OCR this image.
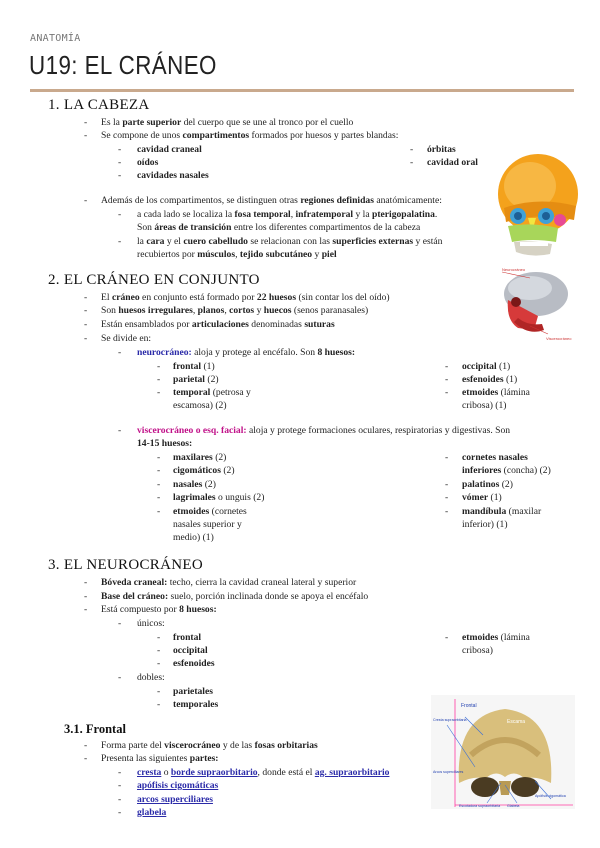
ANATOMÍA
U19: EL CRÁNEO
1. LA CABEZA
- Es la parte superior del cuerpo que se une al tronco por el cuello
- Se compone de unos compartimentos formados por huesos y partes blandas:
- cavidad craneal
- oídos
- cavidades nasales
- órbitas
- cavidad oral
- Además de los compartimentos, se distinguen otras regiones definidas anatómicamente:
- a cada lado se localiza la fosa temporal, infratemporal y la pterigopalatina.
Son áreas de transición entre los diferentes compartimentos de la cabeza
- la cara y el cuero cabelludo se relacionan con las superficies externas y están
recubiertos por músculos, tejido subcutáneo y piel
2. EL CRÁNEO EN CONJUNTO
- El cráneo en conjunto está formado por 22 huesos (sin contar los del oído)
- Son huesos irregulares, planos, cortos y huecos (senos paranasales)
- Están ensamblados por articulaciones denominadas suturas
- Se divide en:
- neurocráneo: aloja y protege al encéfalo. Son 8 huesos:
- frontal (1)
- parietal (2)
- temporal (petrosa y
escamosa) (2)
- occipital (1)
- esfenoides (1)
- etmoides (lámina
cribosa) (1)
- viscerocráneo o esq. facial: aloja y protege formaciones oculares, respiratorias y digestivas. Son
14-15 huesos:
- maxilares (2)
- cigomáticos (2)
- nasales (2)
- lagrimales o unguis (2)
- etmoides (cornetes
nasales superior y
medio) (1)
- cornetes nasales
inferiores (concha) (2)
- palatinos (2)
- vómer (1)
- mandíbula (maxilar
inferior) (1)
Neurocráneo
Viscerocráneo
3. EL NEUROCRÁNEO
- Bóveda craneal: techo, cierra la cavidad craneal lateral y superior
- Base del cráneo: suelo, porción inclinada donde se apoya el encéfalo
- Está compuesto por 8 huesos:
- únicos:
- frontal
- occipital
- esfenoides
- etmoides (lámina
cribosa)
- dobles:
- parietales
- temporales
3.1. Frontal
- Forma parte del viscerocráneo y de las fosas orbitarias
- Presenta las siguientes partes:
- cresta o borde supraorbitario, donde está el ag. supraorbitario
- apófisis cigomáticas
- arcos superciliares
- glabela
Frontal
Escama
Cresta supraorbitaria
Arcos superciliares
Apófisis cigomática
Glabela
Escotadura supraorbitaria
